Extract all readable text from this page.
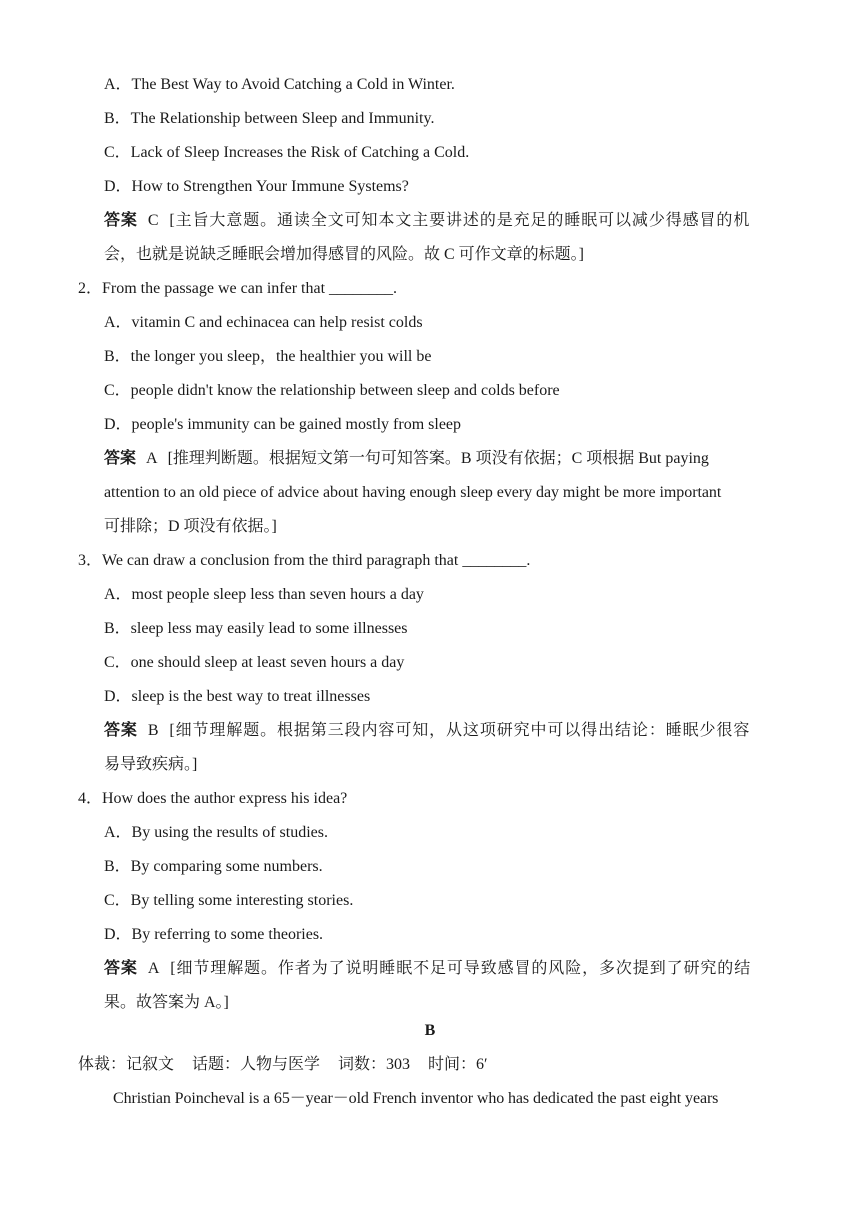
A．The Best Way to Avoid Catching a Cold in Winter.
B．The Relationship between Sleep and Immunity.
C．Lack of Sleep Increases the Risk of Catching a Cold.
D．How to Strengthen Your Immune Systems?
答案 C [主旨大意题。通读全文可知本文主要讲述的是充足的睡眠可以减少得感冒的机
会，也就是说缺乏睡眠会增加得感冒的风险。故 C 可作文章的标题。]
2．From the passage we can infer that ________.
A．vitamin C and echinacea can help resist colds
B．the longer you sleep，the healthier you will be
C．people didn't know the relationship between sleep and colds before
D．people's immunity can be gained mostly from sleep
答案 A [推理判断题。根据短文第一句可知答案。B 项没有依据；C 项根据 But paying
attention to an old piece of advice about having enough sleep every day might be more important
可排除；D 项没有依据。]
3．We can draw a conclusion from the third paragraph that ________.
A．most people sleep less than seven hours a day
B．sleep less may easily lead to some illnesses
C．one should sleep at least seven hours a day
D．sleep is the best way to treat illnesses
答案 B [细节理解题。根据第三段内容可知，从这项研究中可以得出结论：睡眠少很容
易导致疾病。]
4．How does the author express his idea?
A．By using the results of studies.
B．By comparing some numbers.
C．By telling some interesting stories.
D．By referring to some theories.
答案 A [细节理解题。作者为了说明睡眠不足可导致感冒的风险，多次提到了研究的结
果。故答案为 A。]
B
体裁：记叙文 话题：人物与医学 词数：303 时间：6′
Christian Poincheval is a 65－year－old French inventor who has dedicated the past eight years
